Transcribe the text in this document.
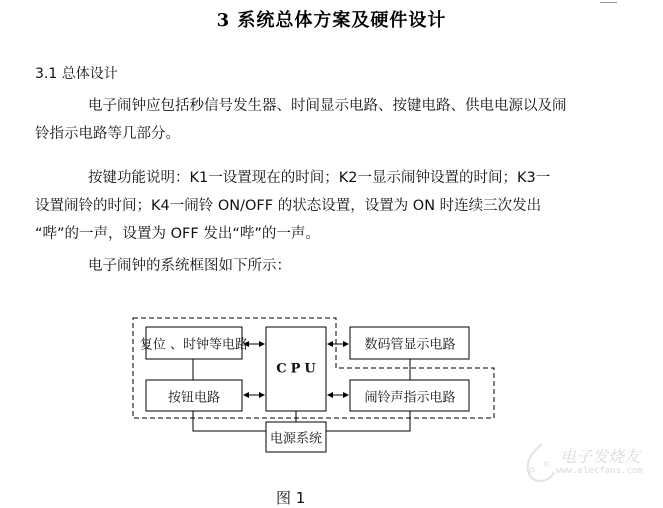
3 系统总体方案及硬件设计
3.1 总体设计
电子闹钟应包括秒信号发生器、时间显示电路、按键电路、供电电源以及闹
铃指示电路等几部分。
按键功能说明：K1一设置现在的时间；K2一显示闹钟设置的时间；K3一
设置闹铃的时间；K4一闹铃 ON/OFF 的状态设置，设置为 ON 时连续三次发出
“哔”的一声，设置为 OFF 发出“哔”的一声。
电子闹钟的系统框图如下所示：
复位 、时钟等电路
按钮电路
CPU
数码管显示电路
闹铃声指示电路
电源系统
图 1
电子发烧友
www.elecfans.com
